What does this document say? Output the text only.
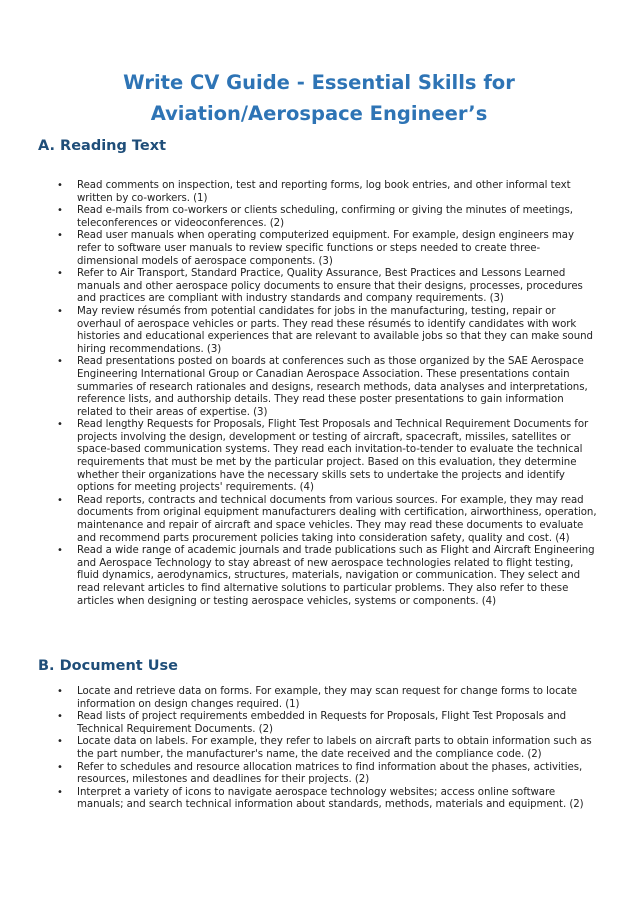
Write CV Guide - Essential Skills for
Aviation/Aerospace Engineer’s
A. Reading Text
• Read comments on inspection, test and reporting forms, log book entries, and other informal text written by co-workers. (1)
• Read e-mails from co-workers or clients scheduling, confirming or giving the minutes of meetings, teleconferences or videoconferences. (2)
• Read user manuals when operating computerized equipment. For example, design engineers may refer to software user manuals to review specific functions or steps needed to create three-dimensional models of aerospace components. (3)
• Refer to Air Transport, Standard Practice, Quality Assurance, Best Practices and Lessons Learned manuals and other aerospace policy documents to ensure that their designs, processes, procedures and practices are compliant with industry standards and company requirements. (3)
• May review résumés from potential candidates for jobs in the manufacturing, testing, repair or overhaul of aerospace vehicles or parts. They read these résumés to identify candidates with work histories and educational experiences that are relevant to available jobs so that they can make sound hiring recommendations. (3)
• Read presentations posted on boards at conferences such as those organized by the SAE Aerospace Engineering International Group or Canadian Aerospace Association. These presentations contain summaries of research rationales and designs, research methods, data analyses and interpretations, reference lists, and authorship details. They read these poster presentations to gain information related to their areas of expertise. (3)
• Read lengthy Requests for Proposals, Flight Test Proposals and Technical Requirement Documents for projects involving the design, development or testing of aircraft, spacecraft, missiles, satellites or space-based communication systems. They read each invitation-to-tender to evaluate the technical requirements that must be met by the particular project. Based on this evaluation, they determine whether their organizations have the necessary skills sets to undertake the projects and identify options for meeting projects' requirements. (4)
• Read reports, contracts and technical documents from various sources. For example, they may read documents from original equipment manufacturers dealing with certification, airworthiness, operation, maintenance and repair of aircraft and space vehicles. They may read these documents to evaluate and recommend parts procurement policies taking into consideration safety, quality and cost. (4)
• Read a wide range of academic journals and trade publications such as Flight and Aircraft Engineering and Aerospace Technology to stay abreast of new aerospace technologies related to flight testing, fluid dynamics, aerodynamics, structures, materials, navigation or communication. They select and read relevant articles to find alternative solutions to particular problems. They also refer to these articles when designing or testing aerospace vehicles, systems or components. (4)
B. Document Use
• Locate and retrieve data on forms. For example, they may scan request for change forms to locate information on design changes required. (1)
• Read lists of project requirements embedded in Requests for Proposals, Flight Test Proposals and Technical Requirement Documents. (2)
• Locate data on labels. For example, they refer to labels on aircraft parts to obtain information such as the part number, the manufacturer's name, the date received and the compliance code. (2)
• Refer to schedules and resource allocation matrices to find information about the phases, activities, resources, milestones and deadlines for their projects. (2)
• Interpret a variety of icons to navigate aerospace technology websites; access online software manuals; and search technical information about standards, methods, materials and equipment. (2)
